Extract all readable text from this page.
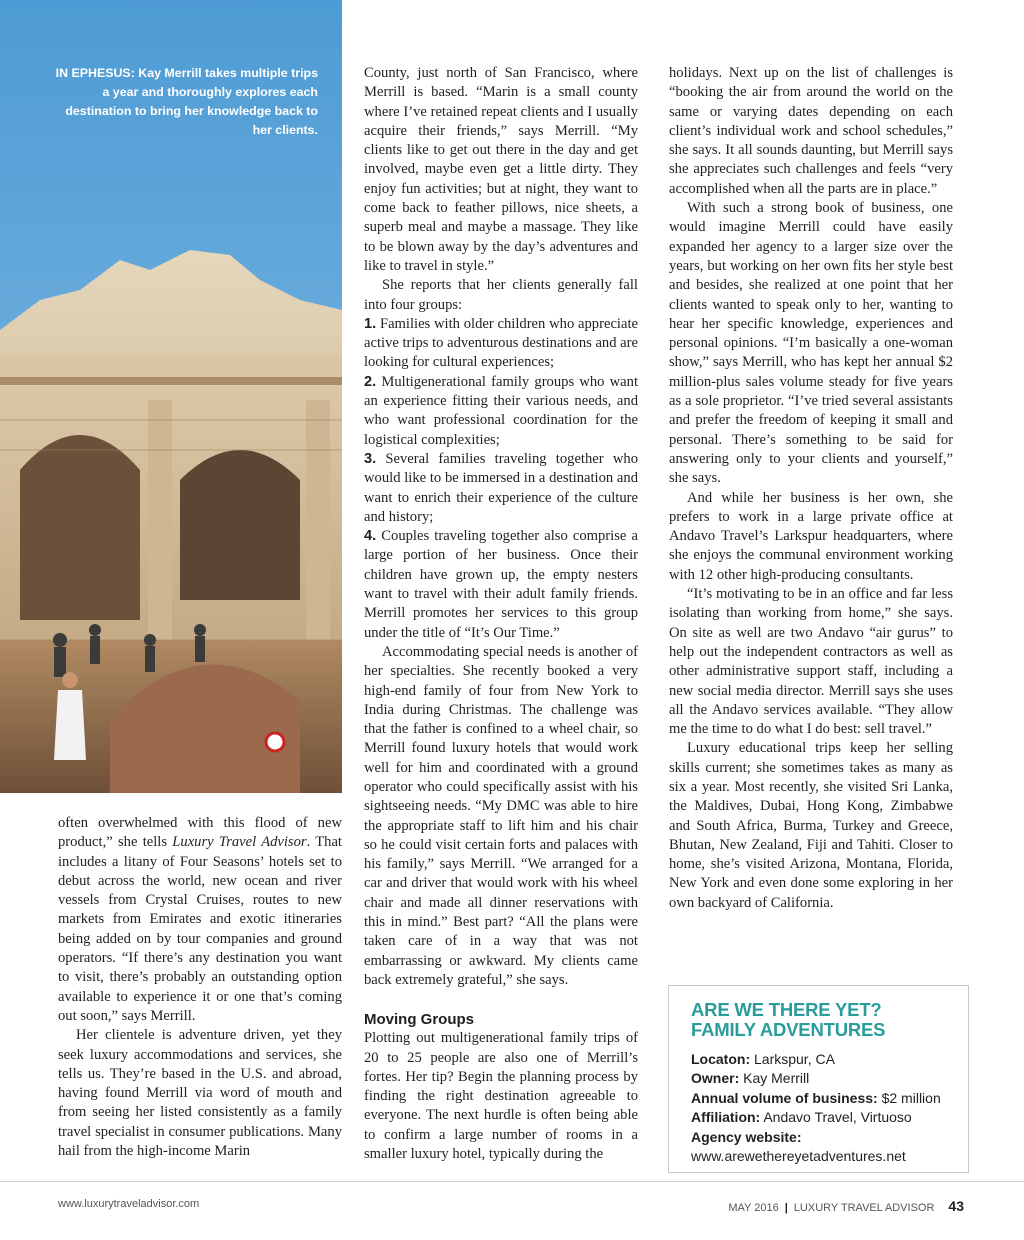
IN EPHESUS: Kay Merrill takes multiple trips a year and thoroughly explores each destination to bring her knowledge back to her clients.

often overwhelmed with this flood of new product,” she tells Luxury Travel Advisor. That includes a litany of Four Seasons’ hotels set to debut across the world, new ocean and river vessels from Crystal Cruises, routes to new markets from Emirates and exotic itineraries being added on by tour companies and ground operators. “If there’s any destination you want to visit, there’s probably an outstanding option available to experience it or one that’s coming out soon,” says Merrill.

Her clientele is adventure driven, yet they seek luxury accommodations and services, she tells us. They’re based in the U.S. and abroad, having found Merrill via word of mouth and from seeing her listed consistently as a family travel specialist in consumer publications. Many hail from the high-income Marin

County, just north of San Francisco, where Merrill is based. “Marin is a small county where I’ve retained repeat clients and I usually acquire their friends,” says Merrill. “My clients like to get out there in the day and get involved, maybe even get a little dirty. They enjoy fun activities; but at night, they want to come back to feather pillows, nice sheets, a superb meal and maybe a massage. They like to be blown away by the day’s adventures and like to travel in style.”

She reports that her clients generally fall into four groups:

1. Families with older children who appreciate active trips to adventurous destinations and are looking for cultural experiences;

2. Multigenerational family groups who want an experience fitting their various needs, and who want professional coordination for the logistical complexities;

3. Several families traveling together who would like to be immersed in a destination and want to enrich their experience of the culture and history;

4. Couples traveling together also comprise a large portion of her business. Once their children have grown up, the empty nesters want to travel with their adult family friends. Merrill promotes her services to this group under the title of “It’s Our Time.”

Accommodating special needs is another of her specialties. She recently booked a very high-end family of four from New York to India during Christmas. The challenge was that the father is confined to a wheel chair, so Merrill found luxury hotels that would work well for him and coordinated with a ground operator who could specifically assist with his sightseeing needs. “My DMC was able to hire the appropriate staff to lift him and his chair so he could visit certain forts and palaces with his family,” says Merrill. “We arranged for a car and driver that would work with his wheel chair and made all dinner reservations with this in mind.” Best part? “All the plans were taken care of in a way that was not embarrassing or awkward. My clients came back extremely grateful,” she says.

Moving Groups

Plotting out multigenerational family trips of 20 to 25 people are also one of Merrill’s fortes. Her tip? Begin the planning process by finding the right destination agreeable to everyone. The next hurdle is often being able to confirm a large number of rooms in a smaller luxury hotel, typically during the

holidays. Next up on the list of challenges is “booking the air from around the world on the same or varying dates depending on each client’s individual work and school schedules,” she says. It all sounds daunting, but Merrill says she appreciates such challenges and feels “very accomplished when all the parts are in place.”

With such a strong book of business, one would imagine Merrill could have easily expanded her agency to a larger size over the years, but working on her own fits her style best and besides, she realized at one point that her clients wanted to speak only to her, wanting to hear her specific knowledge, experiences and personal opinions. “I’m basically a one-woman show,” says Merrill, who has kept her annual $2 million-plus sales volume steady for five years as a sole proprietor. “I’ve tried several assistants and prefer the freedom of keeping it small and personal. There’s something to be said for answering only to your clients and yourself,” she says.

And while her business is her own, she prefers to work in a large private office at Andavo Travel’s Larkspur headquarters, where she enjoys the communal environment working with 12 other high-producing consultants.

“It’s motivating to be in an office and far less isolating than working from home,” she says. On site as well are two Andavo “air gurus” to help out the independent contractors as well as other administrative support staff, including a new social media director. Merrill says she uses all the Andavo services available. “They allow me the time to do what I do best: sell travel.”

Luxury educational trips keep her selling skills current; she sometimes takes as many as six a year. Most recently, she visited Sri Lanka, the Maldives, Dubai, Hong Kong, Zimbabwe and South Africa, Burma, Turkey and Greece, Bhutan, New Zealand, Fiji and Tahiti. Closer to home, she’s visited Arizona, Montana, Florida, New York and even done some exploring in her own backyard of California.

ARE WE THERE YET?
FAMILY ADVENTURES
Locaton: Larkspur, CA
Owner: Kay Merrill
Annual volume of business: $2 million
Affiliation: Andavo Travel, Virtuoso
Agency website:
www.arewethereyetadventures.net
www.luxurytraveladvisor.com	MAY 2016 | LUXURY TRAVEL ADVISOR 43
